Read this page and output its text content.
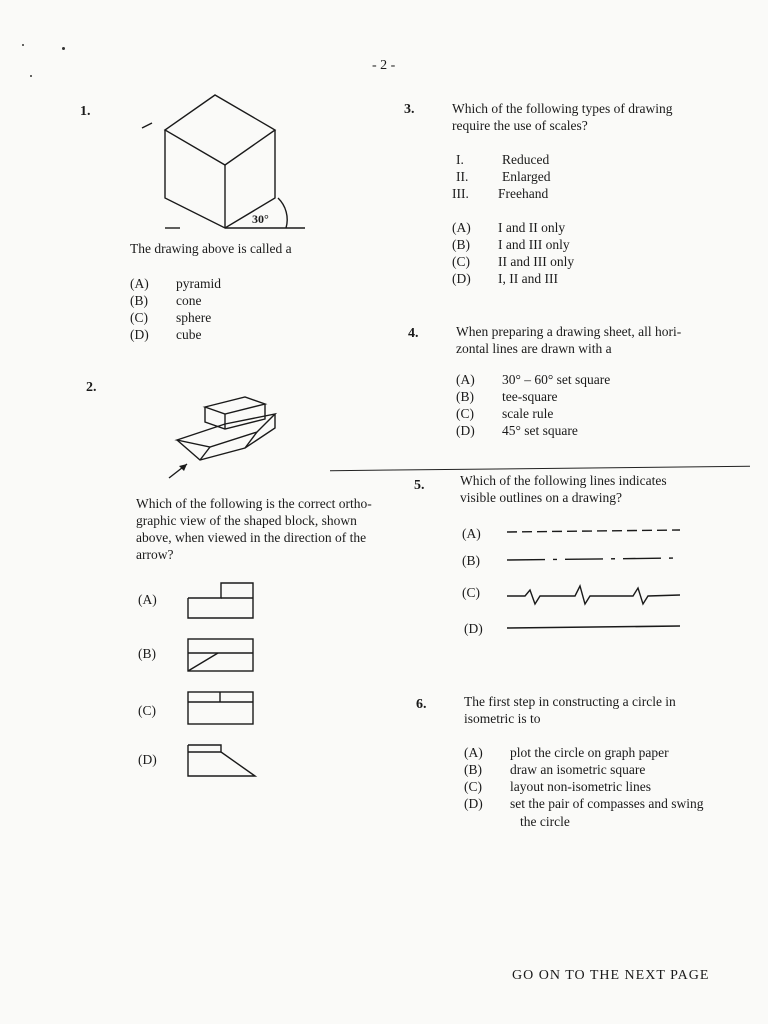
- 2 -
1.
30°
The drawing above is called a
(A)	pyramid
(B)	cone
(C)	sphere
(D)	cube
2.
Which of the following is the correct ortho-
graphic view of the shaped block, shown
above, when viewed in the direction of the
arrow?
(A)
(B)
(C)
(D)
3.	Which of the following types of drawing
require the use of scales?
I.	Reduced
II.	Enlarged
III.	Freehand
(A)	I and II only
(B)	I and III only
(C)	II and III only
(D)	I, II and III
4.	When preparing a drawing sheet, all hori-
zontal lines are drawn with a
(A)	30° – 60° set square
(B)	tee-square
(C)	scale rule
(D)	45° set square
5.	Which of the following lines indicates
visible outlines on a drawing?
(A)
(B)
(C)
(D)
6.	The first step in constructing a circle in
isometric is to
(A)	plot the circle on graph paper
(B)	draw an isometric square
(C)	layout non-isometric lines
(D)	set the pair of compasses and swing
the circle
GO ON TO THE NEXT PAGE
